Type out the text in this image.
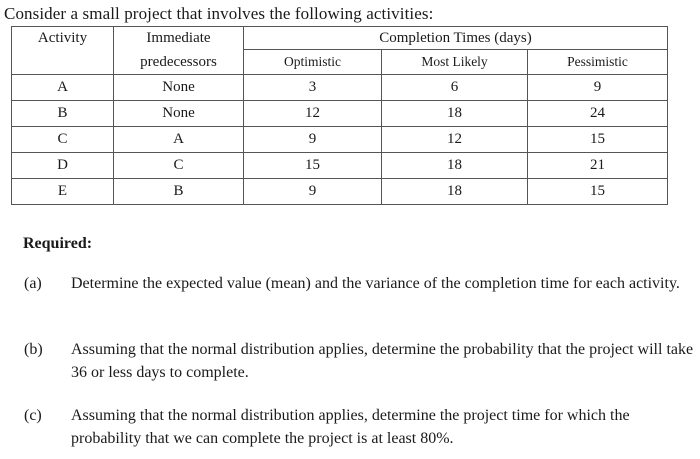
Consider a small project that involves the following activities:
Activity	Immediate	Completion Times (days)		
	predecessors	Optimistic	Most Likely	Pessimistic
A	None	3	6	9
B	None	12	18	24
C	A	9	12	15
D	C	15	18	21
E	B	9	18	15
Required:
(a) Determine the expected value (mean) and the variance of the completion time for each activity.
(b) Assuming that the normal distribution applies, determine the probability that the project will take 36 or less days to complete.
(c) Assuming that the normal distribution applies, determine the project time for which the probability that we can complete the project is at least 80%.
